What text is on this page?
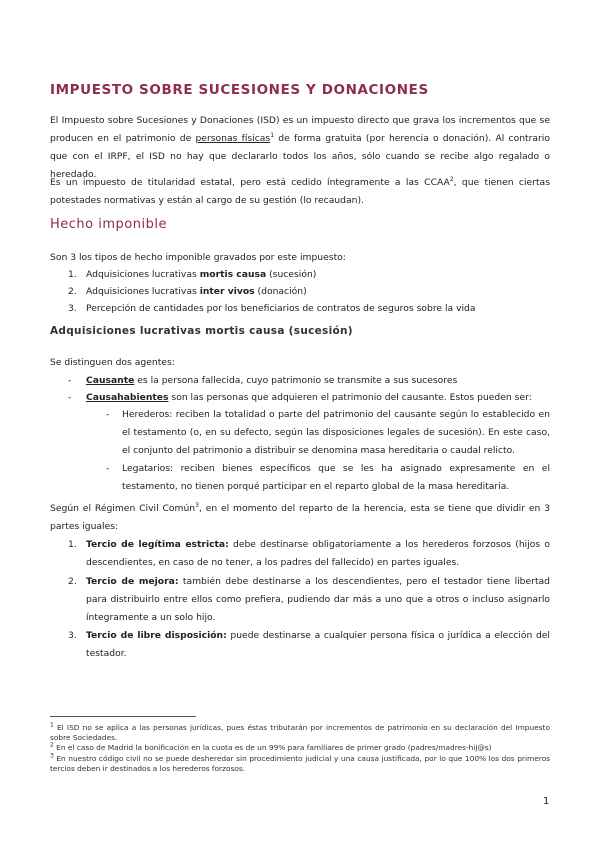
IMPUESTO SOBRE SUCESIONES Y DONACIONES
El Impuesto sobre Sucesiones y Donaciones (ISD) es un impuesto directo que grava los incrementos que se producen en el patrimonio de personas físicas$^1$ de forma gratuita (por herencia o donación). Al contrario que con el IRPF, el ISD no hay que declararlo todos los años, sólo cuando se recibe algo regalado o heredado.
Es un impuesto de titularidad estatal, pero está cedido íntegramente a las CCAA$^2$, que tienen ciertas potestades normativas y están al cargo de su gestión (lo recaudan).
Hecho imponible
Son 3 los tipos de hecho imponible gravados por este impuesto:
1. Adquisiciones lucrativas mortis causa (sucesión)
2. Adquisiciones lucrativas inter vivos (donación)
3. Percepción de cantidades por los beneficiarios de contratos de seguros sobre la vida
Adquisiciones lucrativas mortis causa (sucesión)
Se distinguen dos agentes:
- Causante es la persona fallecida, cuyo patrimonio se transmite a sus sucesores
- Causahabientes son las personas que adquieren el patrimonio del causante. Estos pueden ser:
- Herederos: reciben la totalidad o parte del patrimonio del causante según lo establecido en el testamento (o, en su defecto, según las disposiciones legales de sucesión). En este caso, el conjunto del patrimonio a distribuir se denomina masa hereditaria o caudal relicto.
- Legatarios: reciben bienes específicos que se les ha asignado expresamente en el testamento, no tienen porqué participar en el reparto global de la masa hereditaria.
Según el Régimen Civil Común$^3$, en el momento del reparto de la herencia, esta se tiene que dividir en 3 partes iguales:
1. Tercio de legítima estricta: debe destinarse obligatoriamente a los herederos forzosos (hijos o descendientes, en caso de no tener, a los padres del fallecido) en partes iguales.
2. Tercio de mejora: también debe destinarse a los descendientes, pero el testador tiene libertad para distribuirlo entre ellos como prefiera, pudiendo dar más a uno que a otros o incluso asignarlo íntegramente a un solo hijo.
3. Tercio de libre disposición: puede destinarse a cualquier persona física o jurídica a elección del testador.
$^1$ El ISD no se aplica a las personas jurídicas, pues éstas tributarán por incrementos de patrimonio en su declaración del Impuesto sobre Sociedades.
$^2$ En el caso de Madrid la bonificación en la cuota es de un 99% para familiares de primer grado (padres/madres-hij@s)
$^3$ En nuestro código civil no se puede desheredar sin procedimiento judicial y una causa justificada, por lo que 100% los dos primeros tercios deben ir destinados a los herederos forzosos.
1
